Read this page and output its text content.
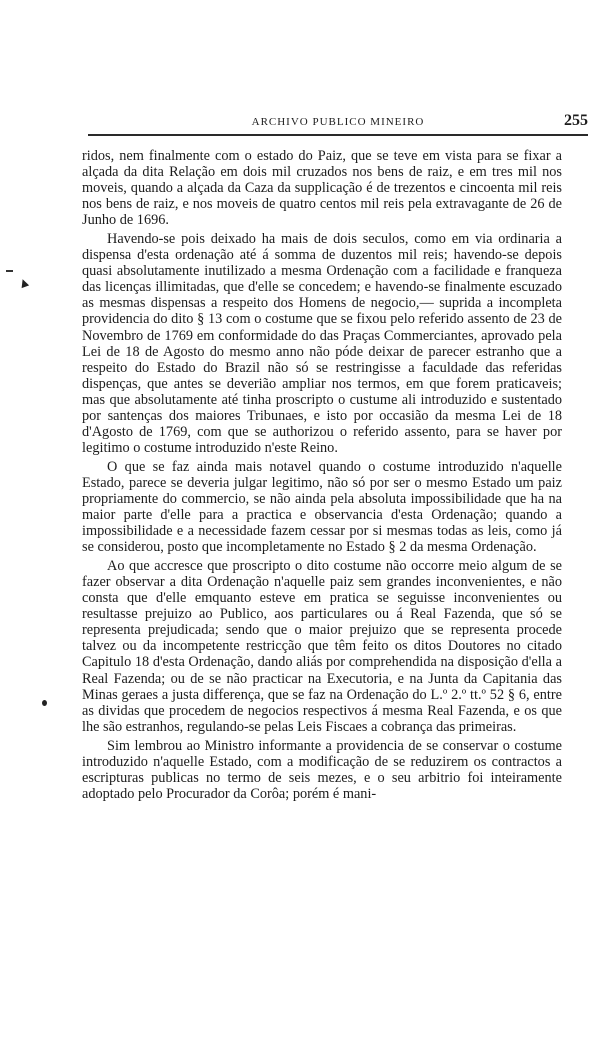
ARCHIVO PUBLICO MINEIRO	255

ridos, nem finalmente com o estado do Paiz, que se teve em vista para se fixar a alçada da dita Relação em dois mil cruzados nos bens de raiz, e em tres mil nos moveis, quando a alçada da Caza da supplicação é de trezentos e cincoenta mil reis nos bens de raiz, e nos moveis de quatro centos mil reis pela extravagante de 26 de Junho de 1696.

Havendo-se pois deixado ha mais de dois seculos, como em via ordinaria a dispensa d'esta ordenação até á somma de duzentos mil reis; havendo-se depois quasi absolutamente inutilizado a mesma Ordenação com a facilidade e franqueza das licenças illimitadas, que d'elle se concedem; e havendo-se finalmente escuzado as mesmas dispensas a respeito dos Homens de negocio,— suprida a incompleta providencia do dito § 13 com o costume que se fixou pelo referido assento de 23 de Novembro de 1769 em conformidade do das Praças Commerciantes, aprovado pela Lei de 18 de Agosto do mesmo anno não póde deixar de parecer estranho que a respeito do Estado do Brazil não só se restringisse a faculdade das referidas dispenças, que antes se deverião ampliar nos termos, em que forem praticaveis; mas que absolutamente até tinha proscripto o custume ali introduzido e sustentado por santenças dos maiores Tribunaes, e isto por occasião da mesma Lei de 18 d'Agosto de 1769, com que se authorizou o referido assento, para se haver por legitimo o costume introduzido n'este Reino.

O que se faz ainda mais notavel quando o costume introduzido n'aquelle Estado, parece se deveria julgar legitimo, não só por ser o mesmo Estado um paiz propriamente do commercio, se não ainda pela absoluta impossibilidade que ha na maior parte d'elle para a practica e observancia d'esta Ordenação; quando a impossibilidade e a necessidade fazem cessar por si mesmas todas as leis, como já se considerou, posto que incompletamente no Estado § 2 da mesma Ordenação.

Ao que accresce que proscripto o dito costume não occorre meio algum de se fazer observar a dita Ordenação n'aquelle paiz sem grandes inconvenientes, e não consta que d'elle emquanto esteve em pratica se seguisse inconvenientes ou resultasse prejuizo ao Publico, aos particulares ou á Real Fazenda, que só se representa prejudicada; sendo que o maior prejuizo que se representa procede talvez ou da incompetente restricção que têm feito os ditos Doutores no citado Capitulo 18 d'esta Ordenação, dando aliás por comprehendida na disposição d'ella a Real Fazenda; ou de se não practicar na Executoria, e na Junta da Capitania das Minas geraes a justa differença, que se faz na Ordenação do L.º 2.º tt.º 52 § 6, entre as dividas que procedem de negocios respectivos á mesma Real Fazenda, e os que lhe são estranhos, regulando-se pelas Leis Fiscaes a cobrança das primeiras.

Sim lembrou ao Ministro informante a providencia de se conservar o costume introduzido n'aquelle Estado, com a modificação de se reduzirem os contractos a escripturas publicas no termo de seis mezes, e o seu arbitrio foi inteiramente adoptado pelo Procurador da Corôa; porém é mani-
